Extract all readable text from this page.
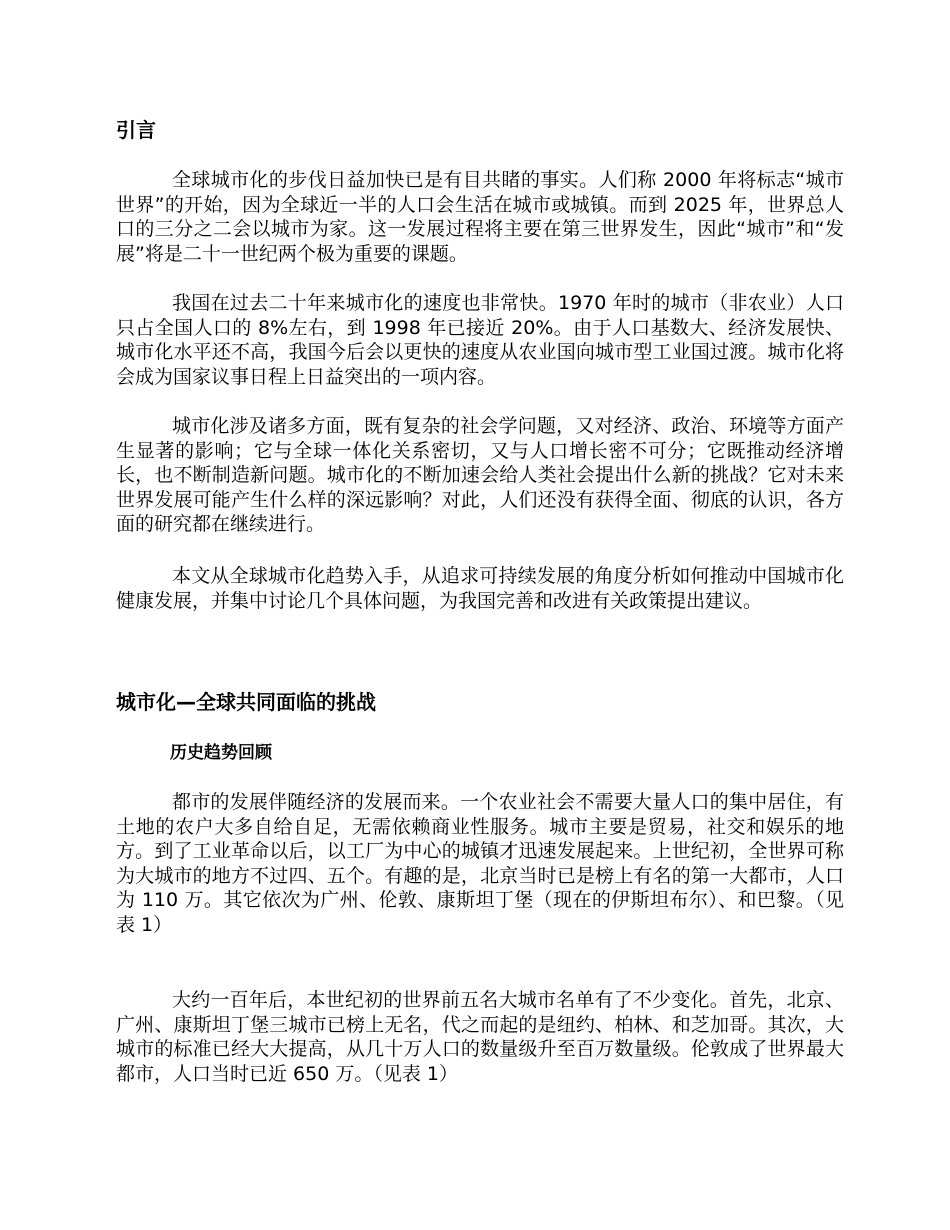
引言

全球城市化的步伐日益加快已是有目共睹的事实。人们称 2000 年将标志“城市世界”的开始，因为全球近一半的人口会生活在城市或城镇。而到 2025 年，世界总人口的三分之二会以城市为家。这一发展过程将主要在第三世界发生，因此“城市”和“发展”将是二十一世纪两个极为重要的课题。

我国在过去二十年来城市化的速度也非常快。1970 年时的城市（非农业）人口只占全国人口的 8%左右，到 1998 年已接近 20%。由于人口基数大、经济发展快、城市化水平还不高，我国今后会以更快的速度从农业国向城市型工业国过渡。城市化将会成为国家议事日程上日益突出的一项内容。

城市化涉及诸多方面，既有复杂的社会学问题，又对经济、政治、环境等方面产生显著的影响；它与全球一体化关系密切，又与人口增长密不可分；它既推动经济增长，也不断制造新问题。城市化的不断加速会给人类社会提出什么新的挑战？它对未来世界发展可能产生什么样的深远影响？对此，人们还没有获得全面、彻底的认识，各方面的研究都在继续进行。

本文从全球城市化趋势入手，从追求可持续发展的角度分析如何推动中国城市化健康发展，并集中讨论几个具体问题，为我国完善和改进有关政策提出建议。

城市化—全球共同面临的挑战
历史趋势回顾

都市的发展伴随经济的发展而来。一个农业社会不需要大量人口的集中居住，有土地的农户大多自给自足，无需依赖商业性服务。城市主要是贸易，社交和娱乐的地方。到了工业革命以后，以工厂为中心的城镇才迅速发展起来。上世纪初，全世界可称为大城市的地方不过四、五个。有趣的是，北京当时已是榜上有名的第一大都市，人口为 110 万。其它依次为广州、伦敦、康斯坦丁堡（现在的伊斯坦布尔）、和巴黎。（见表 1）

大约一百年后，本世纪初的世界前五名大城市名单有了不少变化。首先，北京、广州、康斯坦丁堡三城市已榜上无名，代之而起的是纽约、柏林、和芝加哥。其次，大城市的标准已经大大提高，从几十万人口的数量级升至百万数量级。伦敦成了世界最大都市，人口当时已近 650 万。（见表 1）
